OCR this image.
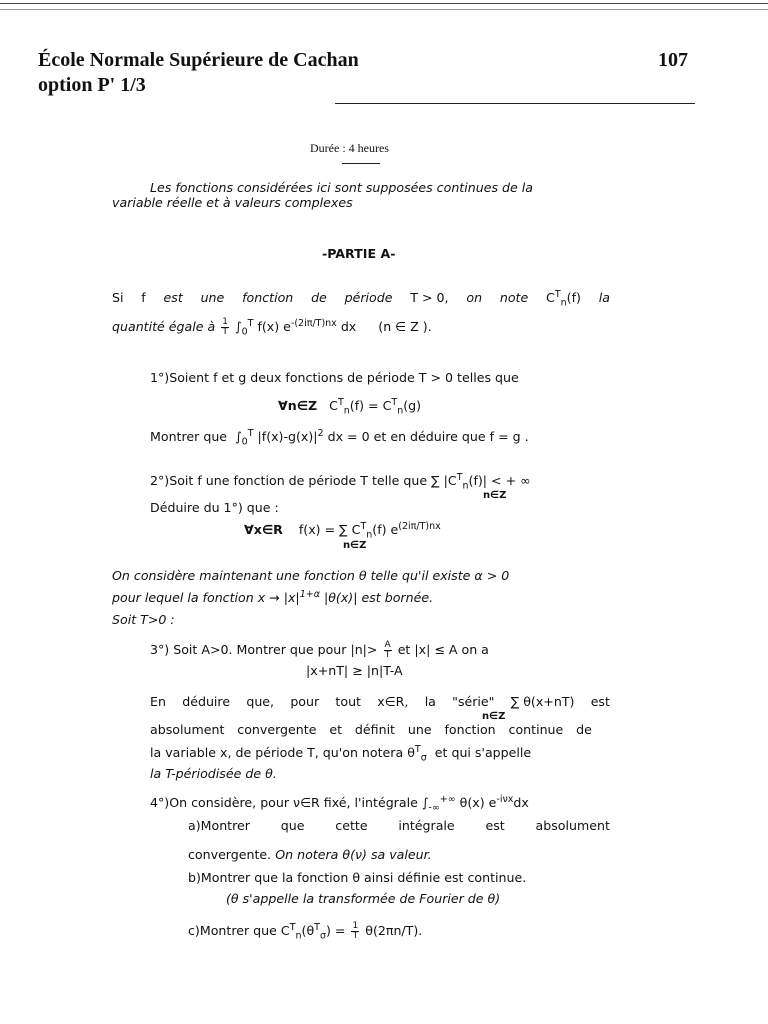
École Normale Supérieure de Cachan
option P' 1/3
107
Durée : 4 heures
Les fonctions considérées ici sont supposées continues de la
variable réelle et à valeurs complexes
-PARTIE A-
Si f est une fonction de période T > 0, on note $C^T_n(f)$ la
quantité égale à $\frac{1}{T} \int_0^T$ f(x) $e^{-(2i\pi/T)nx}$ dx (n ∈ Z ).
1°)Soient f et g deux fonctions de période T > 0 telles que
∀n∈Z   $C^T_n(f) = C^T_n(g)$
Montrer que  $\int_0^T$ $|f(x)-g(x)|^2$ dx = 0 et en déduire que f = g .
2°)Soit f une fonction de période T telle que ∑ $|C^T_n(f)|$ < + ∞
n∈Z
Déduire du 1°) que :
∀x∈R f(x) = ∑ $C^T_n(f)$ $e^{(2i\pi/T)nx}$
n∈Z
On considère maintenant une fonction θ telle qu'il existe α > 0
pour lequel la fonction $x \to |x|^{1+\alpha}$ |θ(x)| est bornée.
Soit T>0 :
3°) Soit A>0. Montrer que pour $|n|> \frac{A}{T}$ et |x| ≤ A on a
|x+nT| ≥ |n|T-A
En déduire que, pour tout x∈R, la "série" ∑ θ(x+nT) est
n∈Z
absolument convergente et définit une fonction continue de
la variable x, de période T, qu'on notera $\theta^T_\sigma$ et qui s'appelle
la T-périodisée de θ.
4°)On considère, pour ν∈R fixé, l'intégrale $\int_{-\infty}^{+\infty}$ θ(x) $e^{-i\nu x}dx$
a)Montrer que cette intégrale est absolument
convergente. On notera θ(ν) sa valeur.
b)Montrer que la fonction θ ainsi définie est continue.
(θ s'appelle la transformée de Fourier de θ)
c)Montrer que $C^T_n(\theta^T_\sigma) = \frac{1}{T} \theta(2\pi n/T)$.
